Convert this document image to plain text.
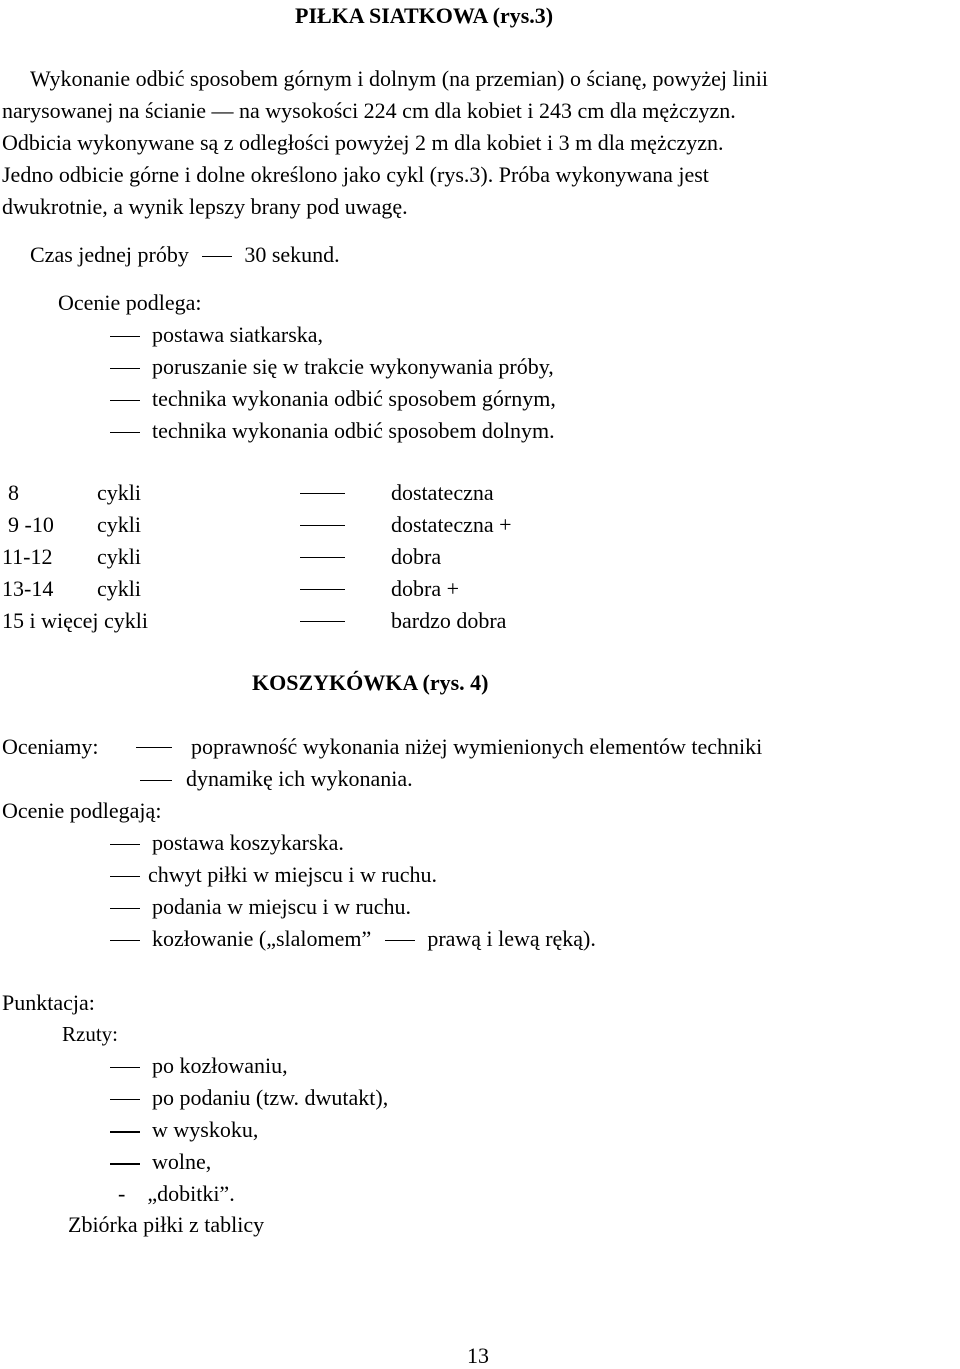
PIŁKA SIATKOWA (rys.3)
Wykonanie odbić sposobem górnym i dolnym (na przemian) o ścianę, powyżej linii
narysowanej na ścianie — na wysokości 224 cm dla kobiet i 243 cm dla mężczyzn.
Odbicia wykonywane są z odległości powyżej 2 m dla kobiet i 3 m dla mężczyzn.
Jedno odbicie górne i dolne określono jako cykl (rys.3). Próba wykonywana jest
dwukrotnie, a wynik lepszy brany pod uwagę.
Czas jednej próby	30 sekund.
Ocenie podlega:
postawa siatkarska,
poruszanie się w trakcie wykonywania próby,
technika wykonania odbić sposobem górnym,
technika wykonania odbić sposobem dolnym.
8	cykli	dostateczna
9 -10 cykli	dostateczna +
11-12 cykli	dobra
13-14 cykli	dobra +
15 i więcej cykli	bardzo dobra
KOSZYKÓWKA (rys. 4)
Oceniamy:	poprawność wykonania niżej wymienionych elementów techniki
dynamikę ich wykonania.
Ocenie podlegają:
postawa koszykarska.
chwyt piłki w miejscu i w ruchu.
podania w miejscu i w ruchu.
kozłowanie („slalomem”	prawą i lewą ręką).
Punktacja:
Rzuty:
po kozłowaniu,
po podaniu (tzw. dwutakt),
w wyskoku,
wolne,
- „dobitki”.
Zbiórka piłki z tablicy
13
